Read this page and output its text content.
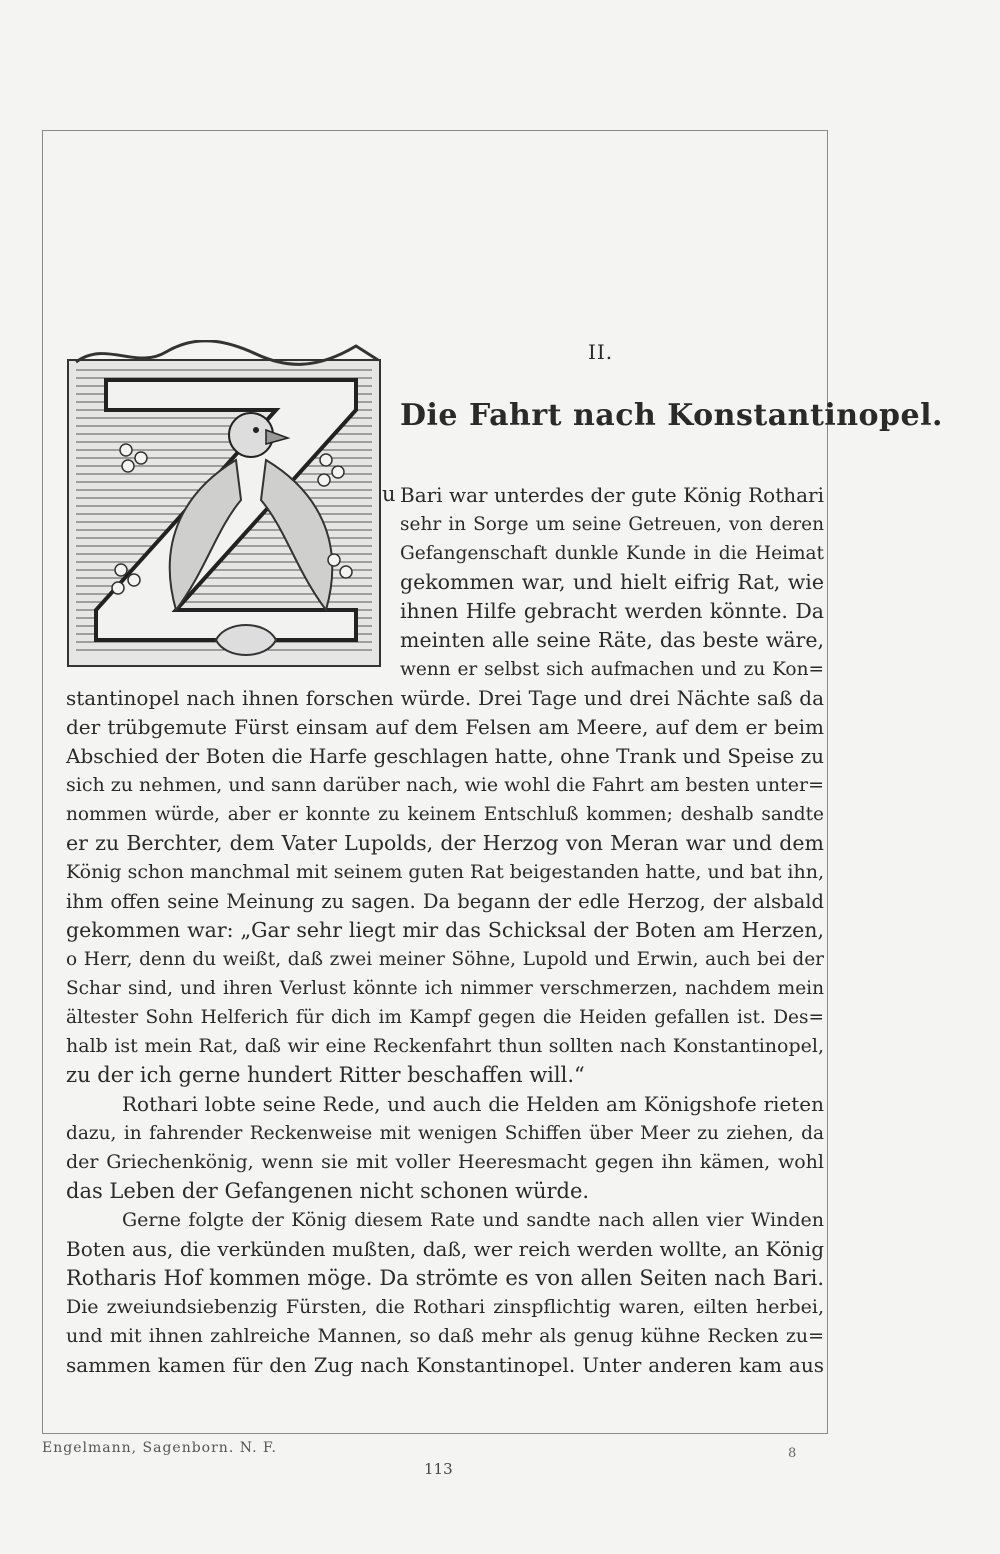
II.
Die Fahrt nach Konstantinopel.
u Bari war unterdes der gute König Rothari
sehr in Sorge um seine Getreuen, von deren
Gefangenschaft dunkle Kunde in die Heimat
gekommen war, und hielt eifrig Rat, wie
ihnen Hilfe gebracht werden könnte. Da
meinten alle seine Räte, das beste wäre,
wenn er selbst sich aufmachen und zu Kon=
stantinopel nach ihnen forschen würde. Drei Tage und drei Nächte saß da
der trübgemute Fürst einsam auf dem Felsen am Meere, auf dem er beim
Abschied der Boten die Harfe geschlagen hatte, ohne Trank und Speise zu
sich zu nehmen, und sann darüber nach, wie wohl die Fahrt am besten unter=
nommen würde, aber er konnte zu keinem Entschluß kommen; deshalb sandte
er zu Berchter, dem Vater Lupolds, der Herzog von Meran war und dem
König schon manchmal mit seinem guten Rat beigestanden hatte, und bat ihn,
ihm offen seine Meinung zu sagen. Da begann der edle Herzog, der alsbald
gekommen war: „Gar sehr liegt mir das Schicksal der Boten am Herzen,
o Herr, denn du weißt, daß zwei meiner Söhne, Lupold und Erwin, auch bei der
Schar sind, und ihren Verlust könnte ich nimmer verschmerzen, nachdem mein
ältester Sohn Helferich für dich im Kampf gegen die Heiden gefallen ist. Des=
halb ist mein Rat, daß wir eine Reckenfahrt thun sollten nach Konstantinopel,
zu der ich gerne hundert Ritter beschaffen will.“
Rothari lobte seine Rede, und auch die Helden am Königshofe rieten
dazu, in fahrender Reckenweise mit wenigen Schiffen über Meer zu ziehen, da
der Griechenkönig, wenn sie mit voller Heeresmacht gegen ihn kämen, wohl
das Leben der Gefangenen nicht schonen würde.
Gerne folgte der König diesem Rate und sandte nach allen vier Winden
Boten aus, die verkünden mußten, daß, wer reich werden wollte, an König
Rotharis Hof kommen möge. Da strömte es von allen Seiten nach Bari.
Die zweiundsiebenzig Fürsten, die Rothari zinspflichtig waren, eilten herbei,
und mit ihnen zahlreiche Mannen, so daß mehr als genug kühne Recken zu=
sammen kamen für den Zug nach Konstantinopel. Unter anderen kam aus
Engelmann, Sagenborn. N. F.
113
8
